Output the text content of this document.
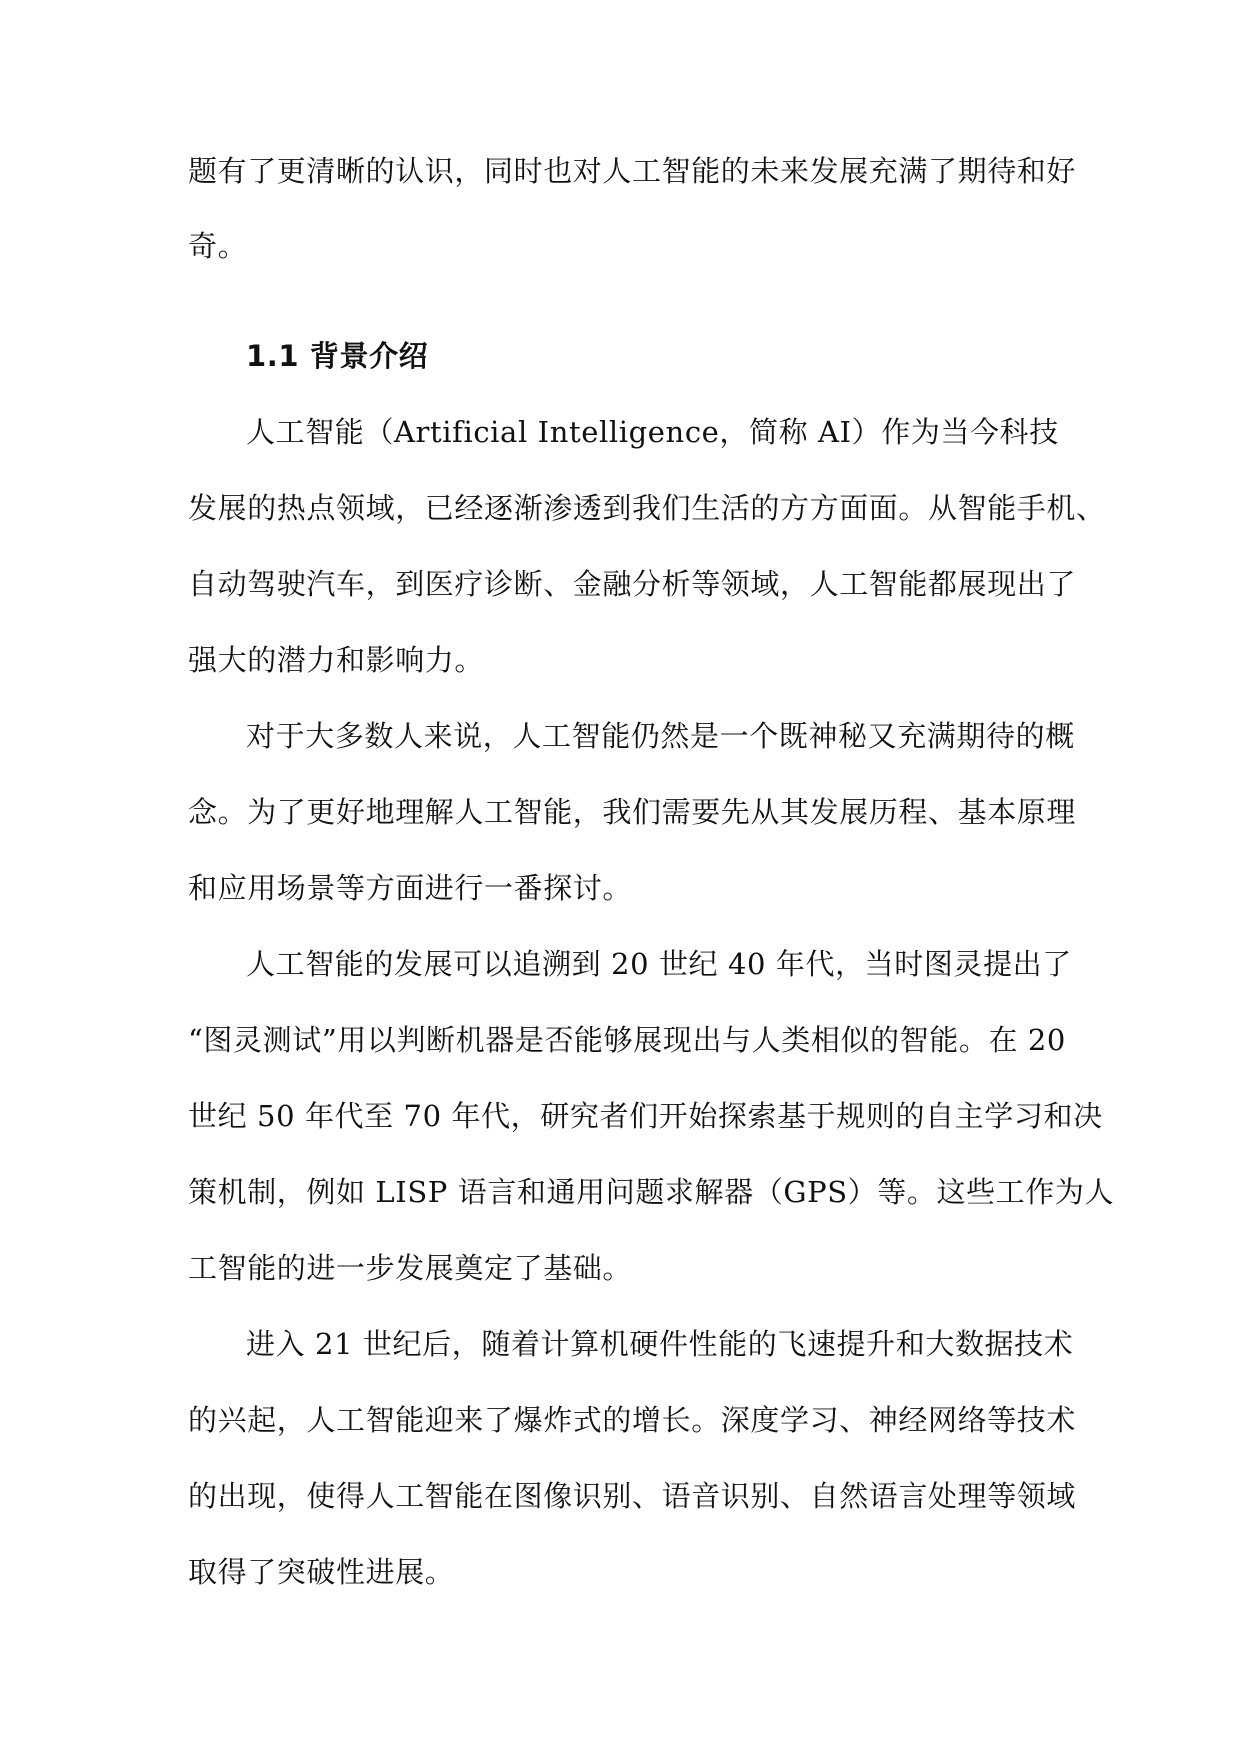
题有了更清晰的认识，同时也对人工智能的未来发展充满了期待和好
奇。
1.1 背景介绍
人工智能（Artificial Intelligence，简称 AI）作为当今科技
发展的热点领域，已经逐渐渗透到我们生活的方方面面。从智能手机、
自动驾驶汽车，到医疗诊断、金融分析等领域，人工智能都展现出了
强大的潜力和影响力。
对于大多数人来说，人工智能仍然是一个既神秘又充满期待的概
念。为了更好地理解人工智能，我们需要先从其发展历程、基本原理
和应用场景等方面进行一番探讨。
人工智能的发展可以追溯到 20 世纪 40 年代，当时图灵提出了
“图灵测试”用以判断机器是否能够展现出与人类相似的智能。在 20
世纪 50 年代至 70 年代，研究者们开始探索基于规则的自主学习和决
策机制，例如 LISP 语言和通用问题求解器（GPS）等。这些工作为人
工智能的进一步发展奠定了基础。
进入 21 世纪后，随着计算机硬件性能的飞速提升和大数据技术
的兴起，人工智能迎来了爆炸式的增长。深度学习、神经网络等技术
的出现，使得人工智能在图像识别、语音识别、自然语言处理等领域
取得了突破性进展。
